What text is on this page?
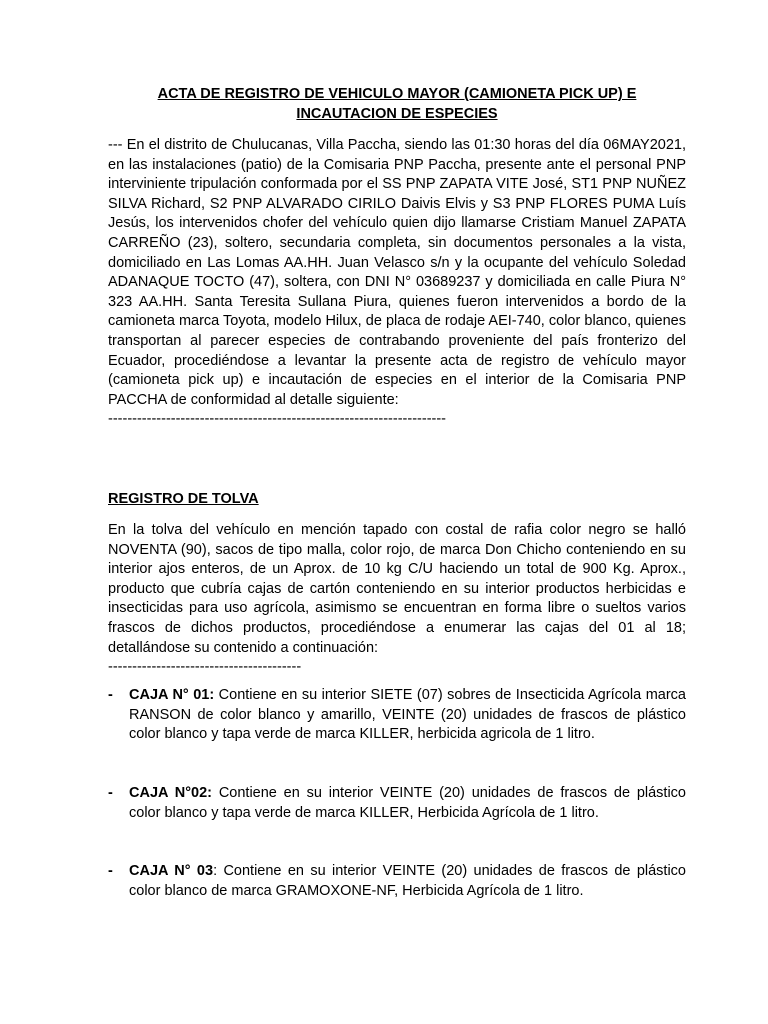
ACTA DE REGISTRO DE VEHICULO MAYOR (CAMIONETA PICK UP) E INCAUTACION DE ESPECIES
--- En el distrito de Chulucanas, Villa Paccha, siendo las 01:30 horas del día 06MAY2021, en las instalaciones (patio) de la Comisaria PNP Paccha, presente ante el personal PNP interviniente tripulación conformada por el SS PNP ZAPATA VITE José, ST1 PNP NUÑEZ SILVA Richard, S2 PNP ALVARADO CIRILO Daivis Elvis y S3 PNP FLORES PUMA Luís Jesús, los intervenidos chofer del vehículo quien dijo llamarse Cristiam Manuel ZAPATA CARREÑO (23), soltero, secundaria completa, sin documentos personales a la vista, domiciliado en Las Lomas AA.HH. Juan Velasco s/n y la ocupante del vehículo Soledad ADANAQUE TOCTO (47), soltera, con DNI N° 03689237 y domiciliada en calle Piura N° 323 AA.HH. Santa Teresita Sullana Piura, quienes fueron intervenidos a bordo de la camioneta marca Toyota, modelo Hilux, de placa de rodaje AEI-740, color blanco, quienes transportan al parecer especies de contrabando proveniente del país fronterizo del Ecuador, procediéndose a levantar la presente acta de registro de vehículo mayor (camioneta pick up) e incautación de especies en el interior de la Comisaria PNP PACCHA de conformidad al detalle siguiente:
----------------------------------------------------------------------
REGISTRO DE TOLVA
En la tolva del vehículo en mención tapado con costal de rafia color negro se halló NOVENTA (90), sacos de tipo malla, color rojo, de marca Don Chicho conteniendo en su interior ajos enteros, de un Aprox. de 10 kg C/U haciendo un total de 900 Kg. Aprox., producto que cubría cajas de cartón conteniendo en su interior productos herbicidas e insecticidas para uso agrícola, asimismo se encuentran en forma libre o sueltos varios frascos de dichos productos, procediéndose a enumerar las cajas del 01 al 18; detallándose su contenido a continuación:
----------------------------------------
- CAJA N° 01: Contiene en su interior SIETE (07) sobres de Insecticida Agrícola marca RANSON de color blanco y amarillo, VEINTE (20) unidades de frascos de plástico color blanco y tapa verde de marca KILLER, herbicida agricola de 1 litro.
- CAJA N°02: Contiene en su interior VEINTE (20) unidades de frascos de plástico color blanco y tapa verde de marca KILLER, Herbicida Agrícola de 1 litro.
- CAJA N° 03: Contiene en su interior VEINTE (20) unidades de frascos de plástico color blanco de marca GRAMOXONE-NF, Herbicida Agrícola de 1 litro.
